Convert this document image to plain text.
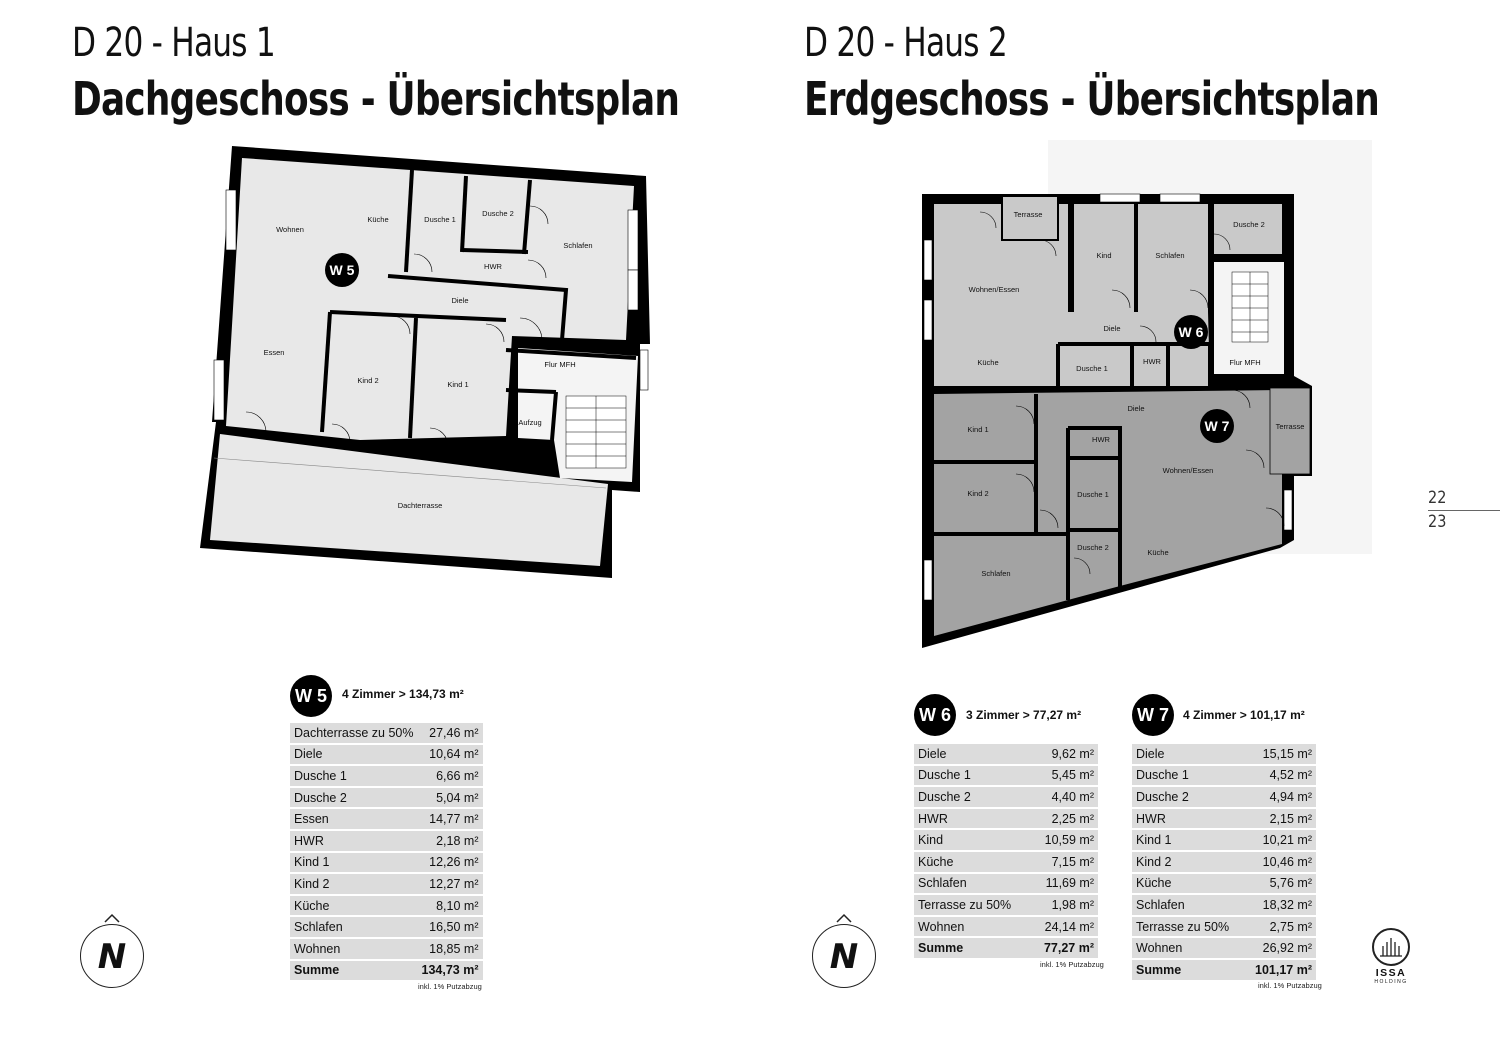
D 20 - Haus 1
Dachgeschoss - Übersichtsplan
D 20 - Haus 2
Erdgeschoss - Übersichtsplan
Wohnen
Küche	Dusche 1
Dusche 2
Schlafen
HWR
Diele
Essen
Kind 2	Kind 1
Flur MFH
Aufzug
Dachterrasse
Terrasse
Kind	Schlafen
Dusche 2
Wohnen/Essen
Diele
Küche
Dusche 1
HWR	Flur MFH
Diele
Kind 1
HWR
Terrasse
Kind 2	Dusche 1
Wohnen/Essen
Dusche 2
Küche
Schlafen
W 5
W 6
W 7
W 5	4 Zimmer > 134,73 m²
Dachterrasse zu 50%	27,46 m²
Diele	10,64 m²
Dusche 1	6,66 m²
Dusche 2	5,04 m²
Essen	14,77 m²
HWR	2,18 m²
Kind 1	12,26 m²
Kind 2	12,27 m²
Küche	8,10 m²
Schlafen	16,50 m²
Wohnen	18,85 m²
Summe	134,73 m²
inkl. 1% Putzabzug
W 6	3 Zimmer > 77,27 m²
Diele	9,62 m²
Dusche 1	5,45 m²
Dusche 2	4,40 m²
HWR	2,25 m²
Kind	10,59 m²
Küche	7,15 m²
Schlafen	11,69 m²
Terrasse zu 50%	1,98 m²
Wohnen	24,14 m²
Summe	77,27 m²
inkl. 1% Putzabzug
W 7	4 Zimmer > 101,17 m²
Diele	15,15 m²
Dusche 1	4,52 m²
Dusche 2	4,94 m²
HWR	2,15 m²
Kind 1	10,21 m²
Kind 2	10,46 m²
Küche	5,76 m²
Schlafen	18,32 m²
Terrasse zu 50%	2,75 m²
Wohnen	26,92 m²
Summe	101,17 m²
inkl. 1% Putzabzug
N	N
22
23
ISSA
HOLDING
